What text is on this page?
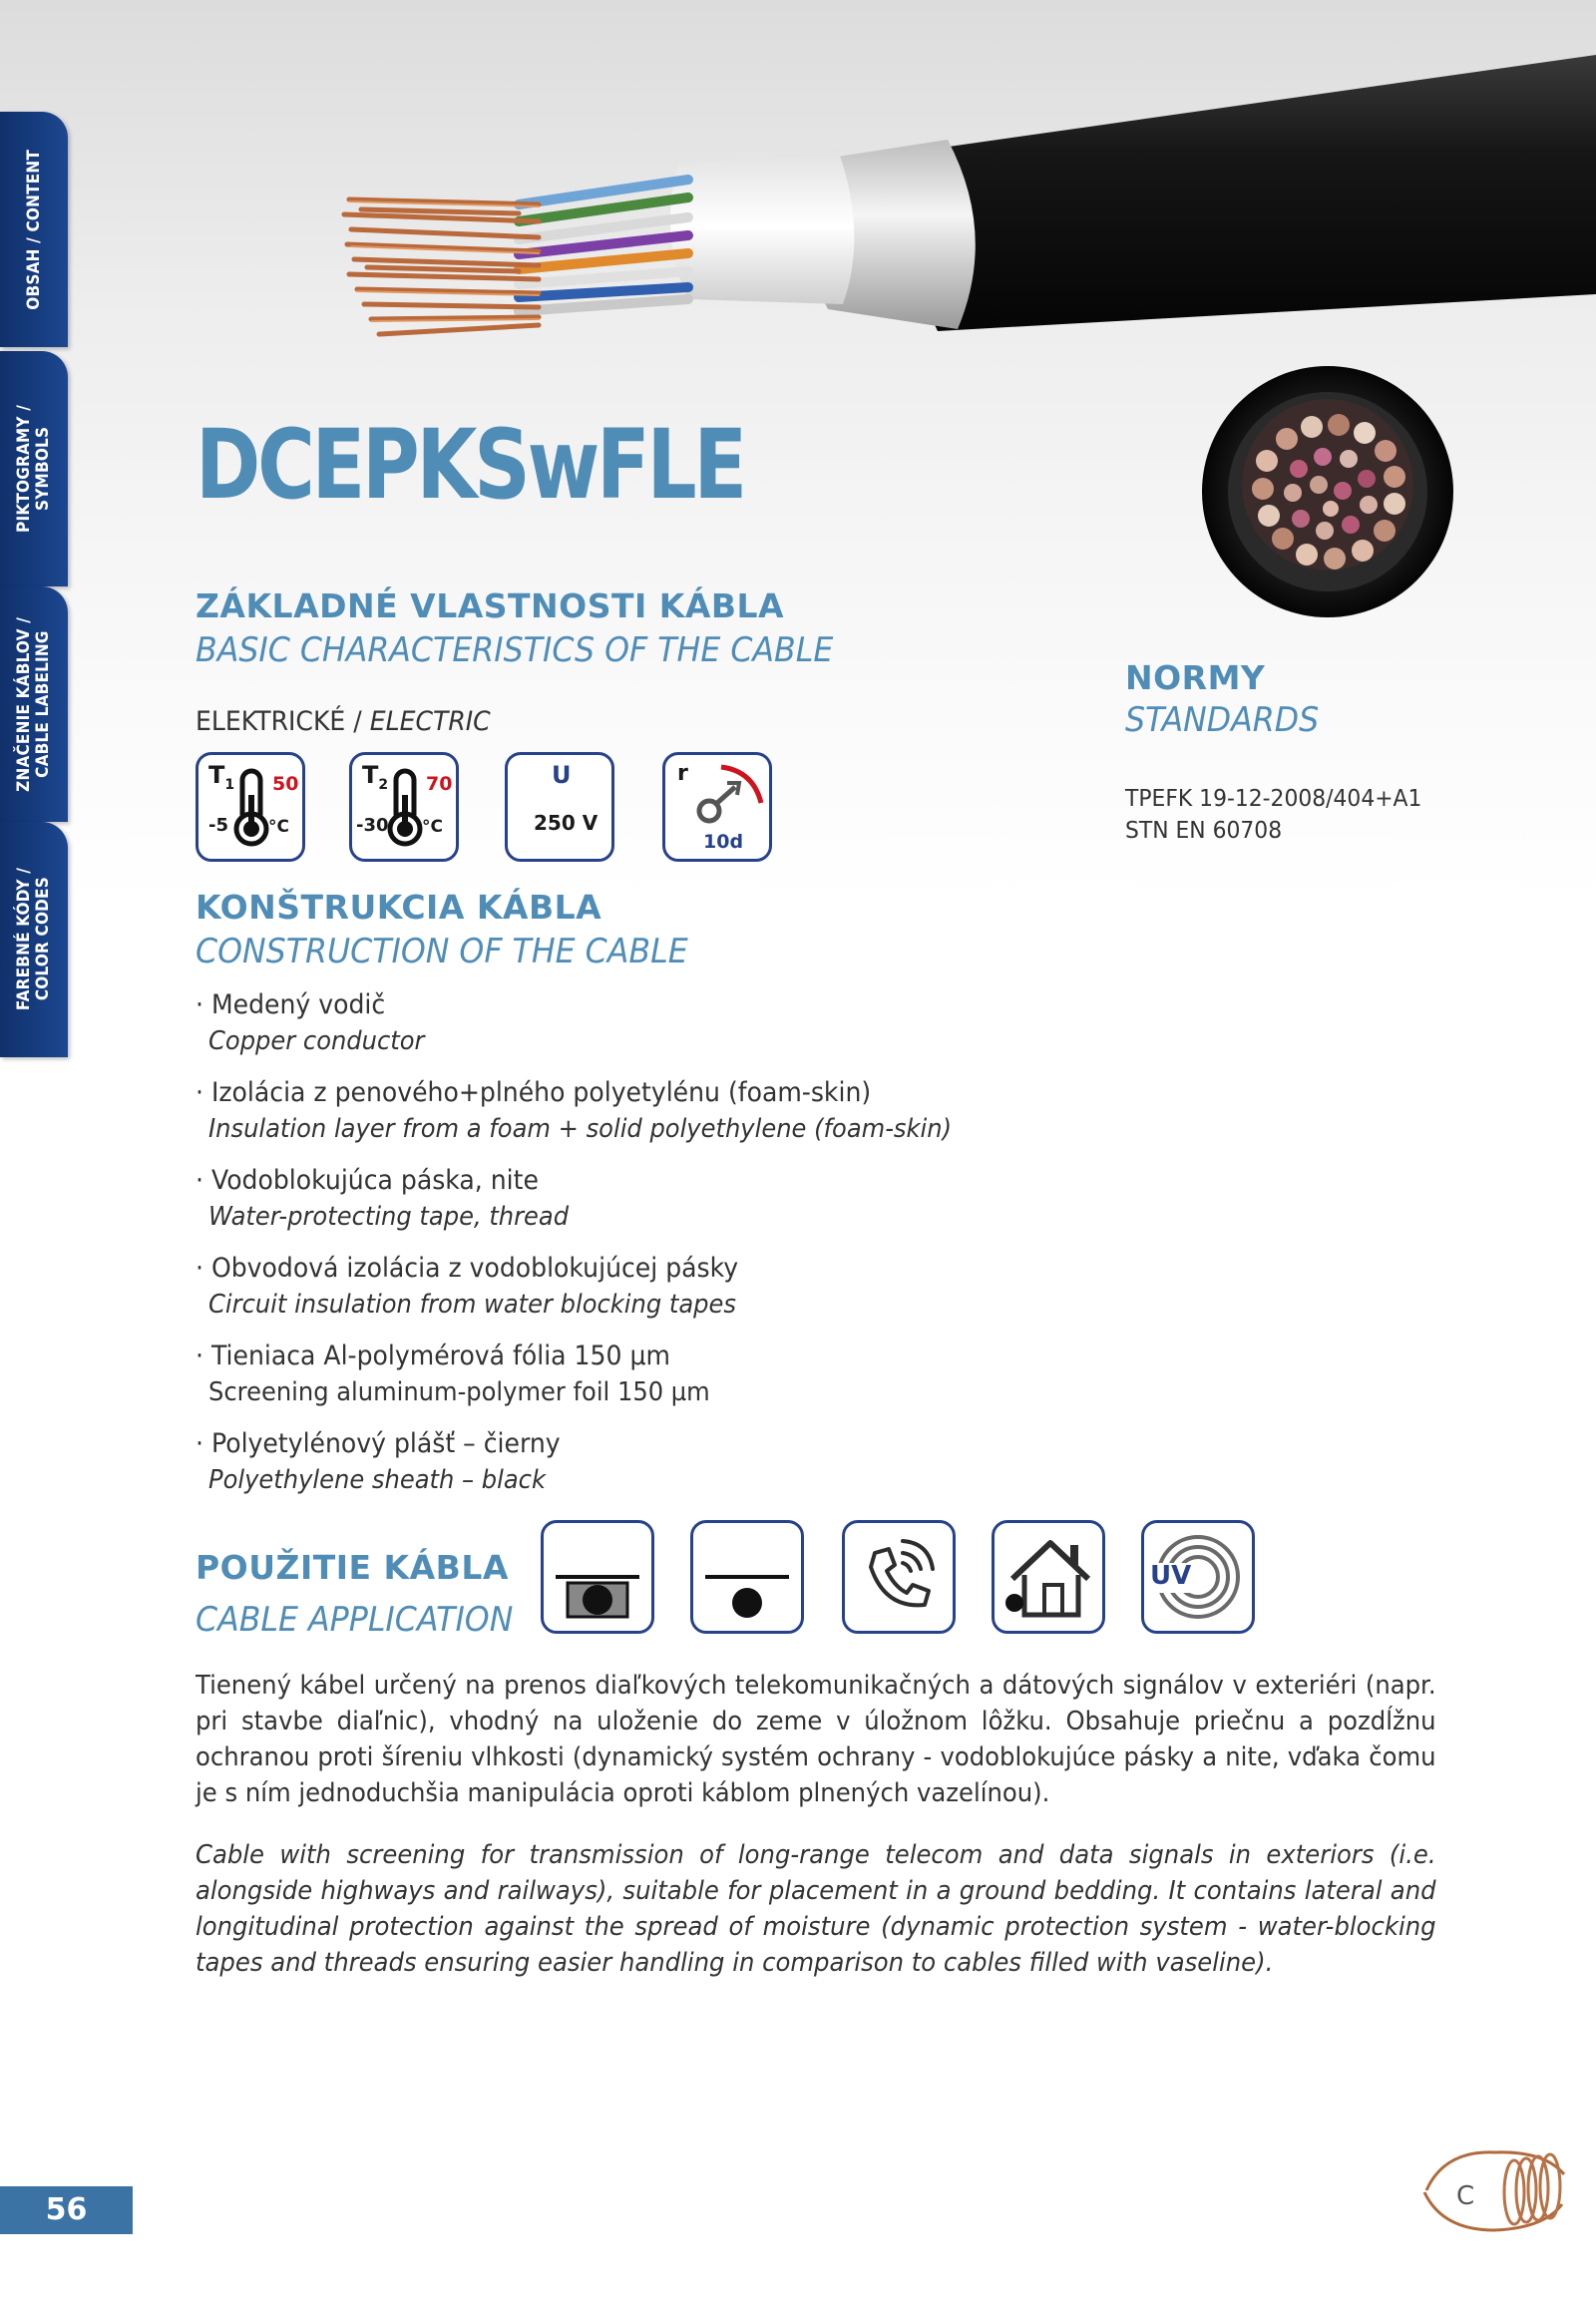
OBSAH / CONTENT
PIKTOGRAMY /
SYMBOLS
ZNAČENIE KÁBLOV /
CABLE LABELING
FAREBNÉ KÓDY /
COLOR CODES
DCEPKSwFLE
ZÁKLADNÉ VLASTNOSTI KÁBLA
BASIC CHARACTERISTICS OF THE CABLE
ELEKTRICKÉ / ELECTRIC
$T_1$ 50
-5 °C
$T_2$ 70
-30 °C
U
250 V
r
10d
NORMY
STANDARDS
TPEFK 19-12-2008/404+A1
STN EN 60708
KONŠTRUKCIA KÁBLA
CONSTRUCTION OF THE CABLE
· Medený vodič
Copper conductor
· Izolácia z penového+plného polyetylénu (foam-skin)
Insulation layer from a foam + solid polyethylene (foam-skin)
· Vodoblokujúca páska, nite
Water-protecting tape, thread
· Obvodová izolácia z vodoblokujúcej pásky
Circuit insulation from water blocking tapes
· Tieniaca Al-polymérová fólia 150 µm
Screening aluminum-polymer foil 150 µm
· Polyetylénový plášť – čierny
Polyethylene sheath – black
POUŽITIE KÁBLA
CABLE APPLICATION
UV
Tienený kábel určený na prenos diaľkových telekomunikačných a dátových signálov v exteriéri (napr. pri stavbe diaľnic), vhodný na uloženie do zeme v úložnom lôžku. Obsahuje priečnu a pozdĺžnu ochranou proti šíreniu vlhkosti (dynamický systém ochrany - vodoblokujúce pásky a nite, vďaka čomu je s ním jednoduchšia manipulácia oproti káblom plnených vazelínou).
Cable with screening for transmission of long-range telecom and data signals in exteriors (i.e. alongside highways and railways), suitable for placement in a ground bedding. It contains lateral and longitudinal protection against the spread of moisture (dynamic protection system - water-blocking tapes and threads ensuring easier handling in comparison to cables filled with vaseline).
56	C
